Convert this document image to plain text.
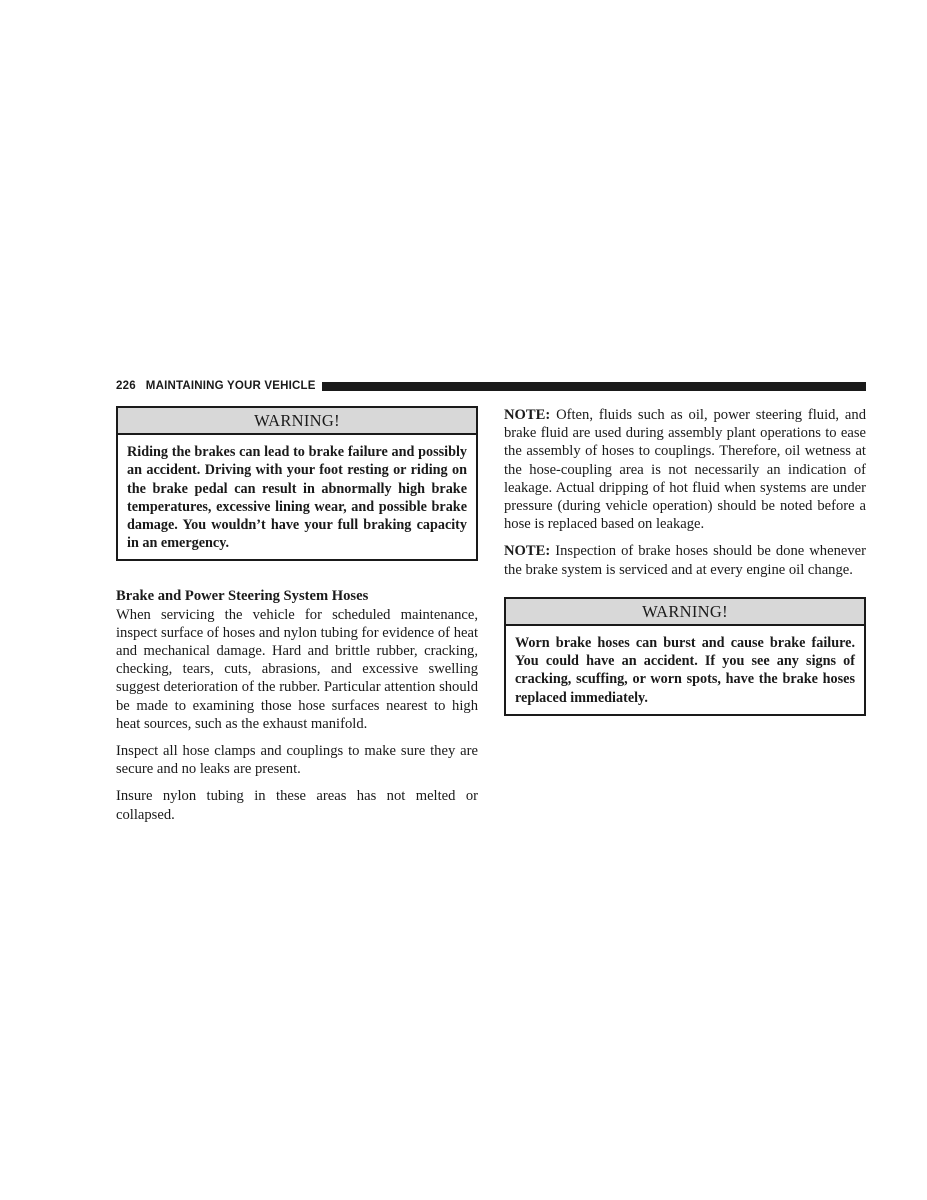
226 MAINTAINING YOUR VEHICLE
WARNING!
Riding the brakes can lead to brake failure and possibly an accident. Driving with your foot resting or riding on the brake pedal can result in abnormally high brake temperatures, excessive lining wear, and possible brake damage. You wouldn’t have your full braking capacity in an emergency.

Brake and Power Steering System Hoses

When servicing the vehicle for scheduled maintenance, inspect surface of hoses and nylon tubing for evidence of heat and mechanical damage. Hard and brittle rubber, cracking, checking, tears, cuts, abrasions, and excessive swelling suggest deterioration of the rubber. Particular attention should be made to examining those hose surfaces nearest to high heat sources, such as the exhaust manifold.

Inspect all hose clamps and couplings to make sure they are secure and no leaks are present.

Insure nylon tubing in these areas has not melted or collapsed.

NOTE: Often, fluids such as oil, power steering fluid, and brake fluid are used during assembly plant operations to ease the assembly of hoses to couplings. Therefore, oil wetness at the hose-coupling area is not necessarily an indication of leakage. Actual dripping of hot fluid when systems are under pressure (during vehicle operation) should be noted before a hose is replaced based on leakage.

NOTE: Inspection of brake hoses should be done whenever the brake system is serviced and at every engine oil change.

WARNING!
Worn brake hoses can burst and cause brake failure. You could have an accident. If you see any signs of cracking, scuffing, or worn spots, have the brake hoses replaced immediately.
